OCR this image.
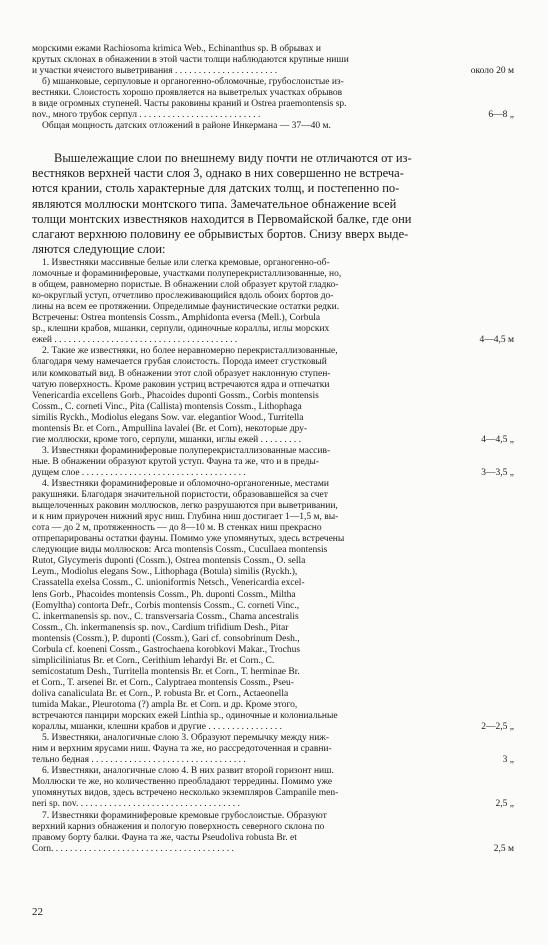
морскими ежами Rachiosoma krimica Web., Echinanthus sp. В обрывах и
крутых склонах в обнажении в этой части толщи наблюдаются крупные ниши
и участки ячеистого выветривания . . . . . . . . . . . . . . . . . . . . . .	около 20 м
б) мшанковые, серпуловые и органогенно-обломочные, грубослоистые из-
вестняки. Слоистость хорошо проявляется на выветрелых участках обрывов
в виде огромных ступеней. Часты раковины краний и Ostrea praemontensis sp.
nov., много трубок серпул . . . . . . . . . . . . . . . . . . . . . . . . . .	6—8 „
Общая мощность датских отложений в районе Инкермана — 37—40 м.
Вышележащие слои по внешнему виду почти не отличаются от из-
вестняков верхней части слоя 3, однако в них совершенно не встреча-
ются крании, столь характерные для датских толщ, и постепенно по-
являются моллюски монтского типа. Замечательное обнажение всей
толщи монтских известняков находится в Первомайской балке, где они
слагают верхнюю половину ее обрывистых бортов. Снизу вверх выде-
ляются следующие слои:
1. Известняки массивные белые или слегка кремовые, органогенно-об-
ломочные и фораминиферовые, участками полуперекристаллизованные, но,
в общем, равномерно пористые. В обнажении слой образует крутой гладко-
ко-округлый уступ, отчетливо прослеживающийся вдоль обоих бортов до-
лины на всем ее протяжении. Определимые фаунистические остатки редки.
Встречены: Ostrea montensis Cossm., Amphidonta eversa (Mell.), Corbula
sp., клешни крабов, мшанки, серпули, одиночные кораллы, иглы морских
ежей . . . . . . . . . . . . . . . . . . . . . . . . . . . . . . . . . . . . . . .	4—4,5 м
2. Такие же известняки, но более неравномерно перекристаллизованные,
благодаря чему намечается грубая слоистость. Порода имеет сгустковый
или комковатый вид. В обнажении этот слой образует наклонную ступен-
чатую поверхность. Кроме раковин устриц встречаются ядра и отпечатки
Venericardia excellens Gorb., Phacoides duponti Gossm., Corbis montensis
Cossm., C. corneti Vinc., Pita (Callista) montensis Cossm., Lithophaga
similis Ryckh., Modiolus elegans Sow. var. elegantior Wood., Turritella
montensis Br. et Corn., Ampullina lavalei (Br. et Corn), некоторые дру-
гие моллюски, кроме того, серпули, мшанки, иглы ежей . . . . . . . . .	4—4,5 „
3. Известняки фораминиферовые полуперекристаллизованные массив-
ные. В обнажении образуют крутой уступ. Фауна та же, что и в преды-
дущем слое . . . . . . . . . . . . . . . . . . . . . . . . . . . . . . . . . . .	3—3,5 „
4. Известняки фораминиферовые и обломочно-органогенные, местами
ракушняки. Благодаря значительной пористости, образовавшейся за счет
выщелоченных раковин моллюсков, легко разрушаются при выветривании,
и к ним приурочен нижний ярус ниш. Глубина ниш достигает 1—1,5 м, вы-
сота — до 2 м, протяженность — до 8—10 м. В стенках ниш прекрасно
отпрепарированы остатки фауны. Помимо уже упомянутых, здесь встречены
следующие виды моллюсков: Arca montensis Cossm., Cucullaea montensis
Rutot, Glycymeris duponti (Cossm.), Ostrea montensis Cossm., O. sella
Leym., Modiolus elegans Sow., Lithophaga (Botula) similis (Ryckh.),
Crassatella exelsa Cossm., C. unioniformis Netsch., Venericardia excel-
lens Gorb., Phacoides montensis Cossm., Ph. duponti Cossm., Miltha
(Eomyltha) contorta Defr., Corbis montensis Cossm., C. corneti Vinc.,
C. inkermanensis sp. nov., C. transversaria Cossm., Chama ancestralis
Cossm., Ch. inkermanensis sp. nov., Cardium trifidium Desh., Pitar
montensis (Cossm.), P. duponti (Cossm.), Gari cf. consobrinum Desh.,
Corbula cf. koeneni Cossm., Gastrochaena korobkovi Makar., Trochus
simpliciliniatus Br. et Corn., Cerithium lehardyi Br. et Corn., C.
semicostatum Desh., Turritella montensis Br. et Corn., T. herminae Br.
et Corn., T. arsenei Br. et Corn., Calyptraea montensis Cossm., Pseu-
doliva canaliculata Br. et Corn., P. robusta Br. et Corn., Actaeonella
tumida Makar., Pleurotoma (?) ampla Br. et Corn. и др. Кроме этого,
встречаются панцири морских ежей Linthia sp., одиночные и колониальные
кораллы, мшанки, клешни крабов и другие . . . . . . . . . . . . . . . .	2—2,5 „
5. Известняки, аналогичные слою 3. Образуют перемычку между ниж-
ним и верхним ярусами ниш. Фауна та же, но рассредоточенная и сравни-
тельно бедная . . . . . . . . . . . . . . . . . . . . . . . . . . . . . . . . .	3 „
6. Известняки, аналогичные слою 4. В них развит второй горизонт ниш.
Моллюски те же, но количественно преобладают терредины. Помимо уже
упомянутых видов, здесь встречено несколько экземпляров Campanile men-
neri sp. nov. . . . . . . . . . . . . . . . . . . . . . . . . . . . . . . . . . .	2,5 „
7. Известняки фораминиферовые кремовые грубослоистые. Образуют
верхний карниз обнажения и пологую поверхность северного склона по
правому борту балки. Фауна та же, часты Pseudoliva robusta Br. et
Corn. . . . . . . . . . . . . . . . . . . . . . . . . . . . . . . . . . . . . . .	2,5 м
22
